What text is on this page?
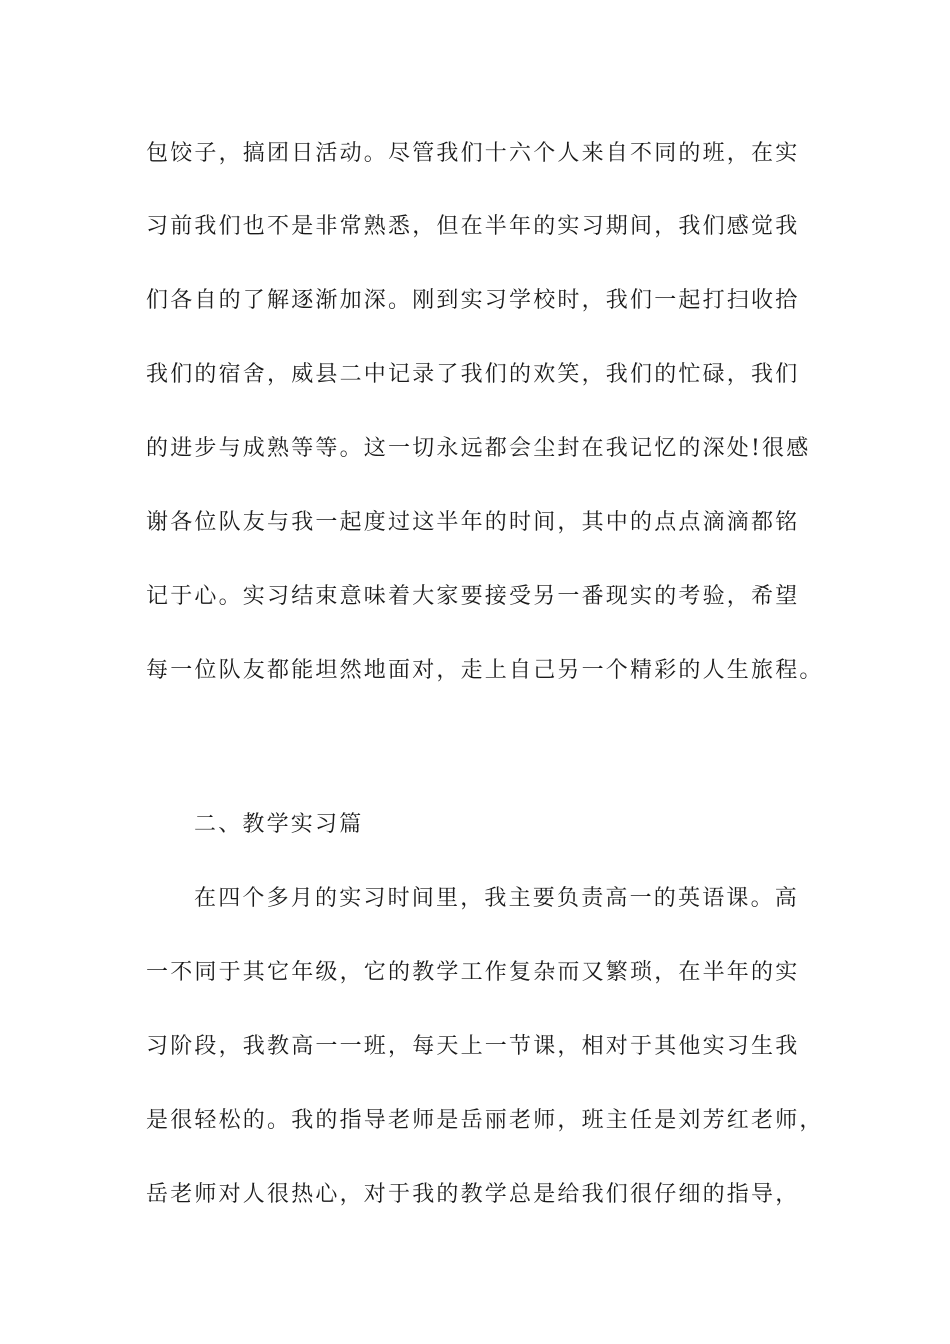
包饺子，搞团日活动。尽管我们十六个人来自不同的班，在实
习前我们也不是非常熟悉，但在半年的实习期间，我们感觉我
们各自的了解逐渐加深。刚到实习学校时，我们一起打扫收拾
我们的宿舍，威县二中记录了我们的欢笑，我们的忙碌，我们
的进步与成熟等等。这一切永远都会尘封在我记忆的深处!很感
谢各位队友与我一起度过这半年的时间，其中的点点滴滴都铭
记于心。实习结束意味着大家要接受另一番现实的考验，希望
每一位队友都能坦然地面对，走上自己另一个精彩的人生旅程。
二、教学实习篇
在四个多月的实习时间里，我主要负责高一的英语课。高
一不同于其它年级，它的教学工作复杂而又繁琐，在半年的实
习阶段，我教高一一班，每天上一节课，相对于其他实习生我
是很轻松的。我的指导老师是岳丽老师，班主任是刘芳红老师，
岳老师对人很热心，对于我的教学总是给我们很仔细的指导，
